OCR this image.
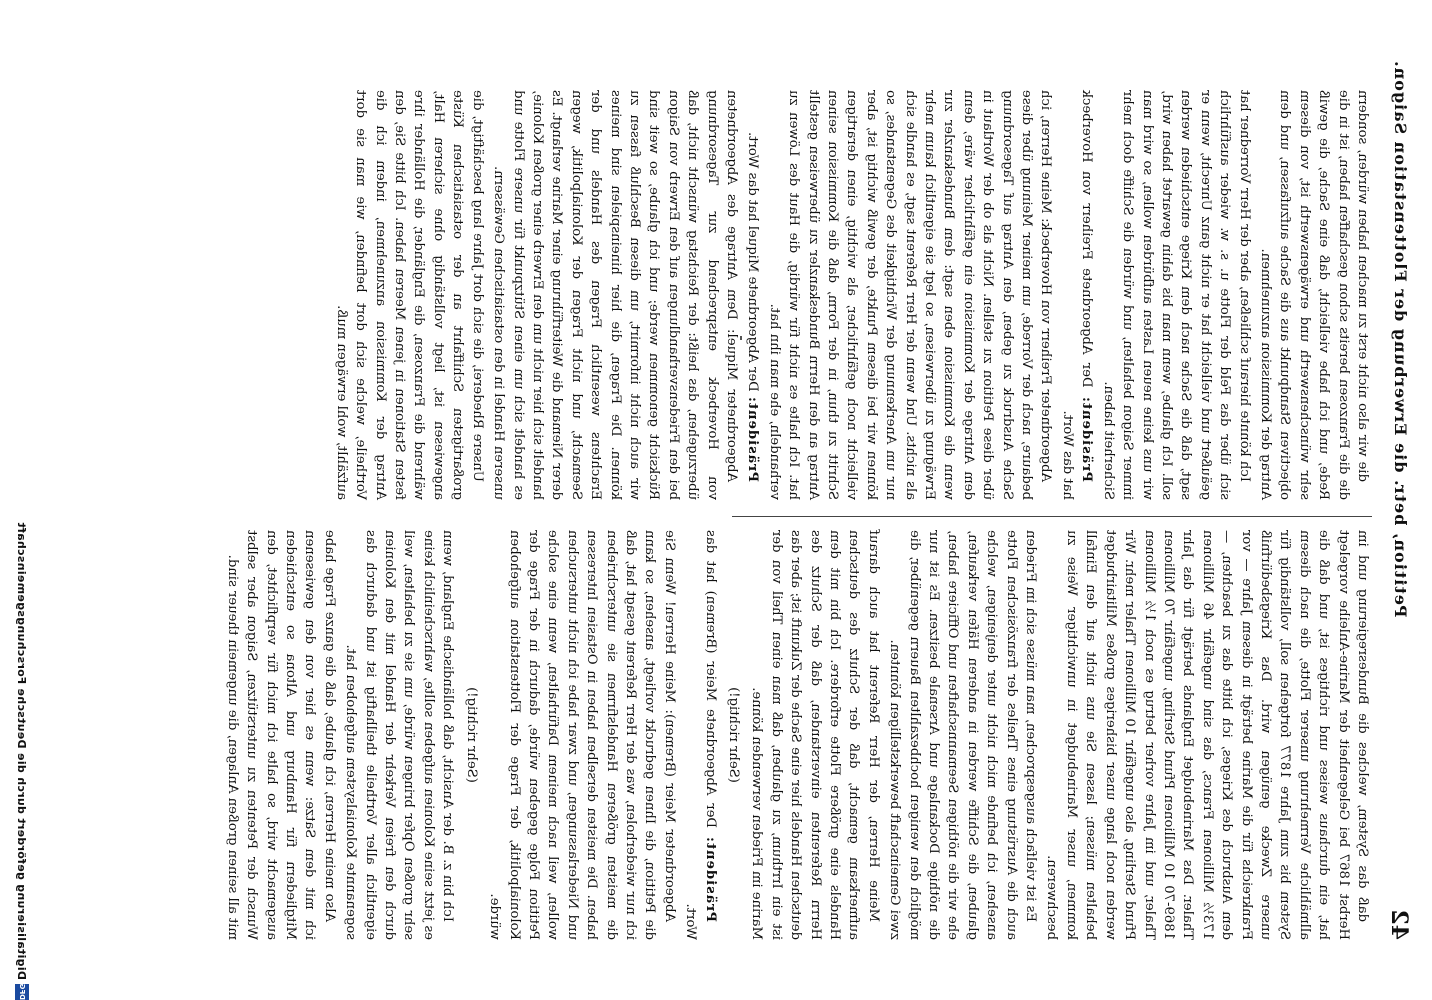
42
Petition, betr. die Erwerbung der Flottenstation Saigon.

daß das System, welches die Bundesregierung und im Herbst 1867 bei Gelegenheit der Marine-Anleihe vorgelegt hat, ein durchaus weises und richtiges ist, und daß die allmähliche Vermehrung unserer Flotte, die nach diesem System bis zum Jahre 1877 fortgehen soll, vollständig für unsere Zwecke genügen wird. Das Kriegsbedürfniß Frankreichs für die Marine beträgt in diesem Jahre — vor dem Ausbruch des Krieges, ich bitte das zu beachten, — 173½ Millionen Francs, das sind ungefähr 46 Millionen Thaler. Das Marinebudget Englands beträgt für das Jahr 1869-70 10 Millionen Pfund Sterling, ungefähr 70 Millionen Thaler, und im Jahre vorher betrug es noch 1½ Millionen Pfund Sterling, also ungefähr 10 Millionen Thaler mehr. Wir werden noch lange unser bisheriges großes Militairbudget behalten müssen; lassen Sie uns nicht auf den Einfall kommen, unser Marinebudget in unwichtiger Weise zu beschweren.

Es ist vielfach ausgesprochen, man müsse sich im Frieden auch die Ausrüstung eines Theiles der französischen Flotte ansehen, ich befinde mich nicht unter denjenigen, welche glauben, die Schiffe werden in anderen Häfen verkaufen, ehe wir die nöthigen Seemannschaften und Officiere haben, die nöthige Dockanlage und Arsenale besitzen. Es ist nur möglich den wenigen hochbezahlten Bauern gegenüber, die zwei Gemeinschaft bewerkstelligen könnten.

Meine Herren, der Herr Referent hat auch darauf aufmerksam gemacht, daß der Schutz des deutschen Handels eine größere Flotte erfordere. Ich bin mit dem Herrn Referenten einverstanden, daß der Schutz des deutschen Handels hier eine Sache der Zukunft ist; aber das ist ein Irrthum, zu glauben, daß man einen Theil von der Marine im Frieden verwenden könne.

(Sehr richtig!)

Präsident: Der Abgeordnete Meier (Bremen) hat das Wort.

Abgeordneter Meier (Bremen): Meine Herren! Wenn Sie die Petition, die Ihnen gedruckt vorliegt, ansehen, so kann ich nur wiederholen, was der Herr Referent gesagt hat, daß die meisten größeren Handelsfirmen sie unterschrieben haben. Die meisten derselben haben in Ostasien Interessen und Niederlassungen, und zwar habe ich nicht untersuchen wollen, weil nach meinem Dafürhalten, wenn eine solche Petition Folge gegeben würde, dadurch in der Frage der Kolonialpolitik, der Frage der Flottenstation aufgehoben würde.

(Sehr richtig!)

Ich bin z. B. der Ansicht, daß holländische England, wenn es jetzt seine Kolonien aufgeben sollte, wahrscheinlich keine sehr großen Opfer bringen würde, um sie zu behalten, weil durch den freien Verkehr der Handel mit den Kolonien eigentlich aller Vortheile theilhaftig ist und dadurch das sogenannte Kolonialsystem aufgehoben hat.

Also meine Herren, ich glaube, daß die ganze Frage habe ich mit dem Satze: wenn es hier von den gewiesenen Mitgliedern für Hamburg und Altona so entschieden ausgemacht wird, so halte ich mich für verpflichtet, den Wunsch der Petenten zu unterstützen, Saigon aber selbst mit all seinen großen Anlagen, die ungemein theuer sind.

die wir also nicht erst zu machen haben würden, sondern die die Franzosen bereits schon geschaffen haben, ist in die Rede, und ich habe vielleicht, daß eine Sache, die gewiß sehr wünschenswerth und erwägenswerth ist, von diesem objectiven Standpunkt aus die Sache aufzufassen, und dem Antrag der Kommission anzunehmen.

Ich könnte hierauf schließen, aber der Herr Vorredner hat sich über das Feld der Flotte u. s. w. wieder ausführlich geäußert und vielleicht hat er nicht ganz Unrecht, wenn er sagt, daß die Sache nach dem Kriege entschieden werden soll. Ich glaube, wenn man bis dahin gewartet haben wird, wir uns keine neuen Lasten aufbürden wollen, so wird man immer Saigon behalten, und würden die Schiffe doch mehr Sicherheit haben.

Präsident: Der Abgeordnete Freiherr von Hoverbeck hat das Wort.

Abgeordneter Freiherr von Hoverbeck: Meine Herren, ich bedaure, nach der Vorrede, um meiner Meinung über diese Sache Ausdruck zu geben, den Antrag auf Tagesordnung über diese Petition zu stellen. Nicht als ob der Wortlaut in dem Antrage der Kommission ein gefährlicher wäre, denn wenn die Kommission eben sagt: dem Bundeskanzler zur Erwägung zu überweisen, so legt sie eigentlich kaum mehr als nichts. Und wenn der Herr Referent sagt, es handle sich nur um Anerkennung der Wichtigkeit des Gegenstandes, so können wir bei diesem Punkte, der gewiß wichtig ist, aber vielleicht noch gefährlicher, als wichtig, einen derartigen Schritt zu thun, in der Form, daß die Kommission seinen Antrag an den Herrn Bundeskanzler zu überweisen gestellt hat. Ich halte es nicht für würdig, die Haut des Löwen zu verhandeln, ehe man ihn hat.

Präsident: Der Abgeordnete Miquel hat das Wort.

Abgeordneter Miquel: Dem Antrage des Abgeordneten von Hoverbeck entsprechend zur Tagesordnung überzugehen, das heißt: der Reichstag wünscht nicht, daß bei den Friedensverhandlungen auf den Erwerb von Saigon Rücksicht genommen werde; und ich glaube, so weit sind wir auch nicht informirt, um diesen Beschluß fassen zu können. Die Fragen, die hier hineinspielen sind meines Erachtens wesentlich Fragen des Handels und der Seemacht, und nicht Fragen der Kolonialpolitik, wegen derer Niemand die Weiterführung einer Marine verlangt. Es handelt sich hier nicht um den Erwerb einer großen Kolonie, es handelt sich um einen Stützpunkt für unsere Flotte und unseren Handel in den ostasiatischen Gewässern.

Unsere Rhederei, die sich dort Jahre lang beschäftigt, die großartigsten Schiffahrt an der ostasiatischen Küste angewiesen ist, liegt vollständig ohne sicheren Halt, während die Franzosen, die Engländer, die Holländer ihre festen Stationen in jenen Meeren haben. Ich bitte Sie, den Antrag der Kommission anzunehmen, indem ich die Vortheile, welche sich dort befinden, wie man sie dort aufzählt, wohl erwägen muß.

DFG
Digitalisierung gefördert durch die Deutsche Forschungsgemeinschaft
